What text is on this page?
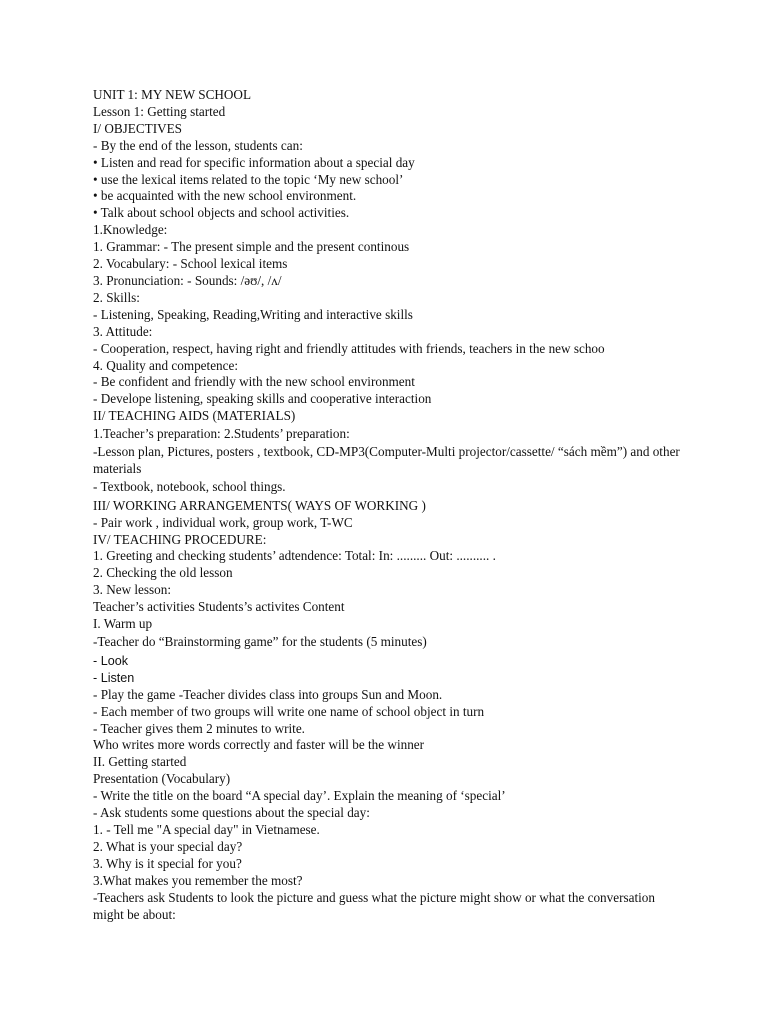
UNIT 1: MY NEW SCHOOL
Lesson 1: Getting started
I/ OBJECTIVES
- By the end of the lesson, students can:
• Listen and read for specific information about a special day
• use the lexical items related to the topic ‘My new school’
• be acquainted with the new school environment.
• Talk about school objects and school activities.
1.Knowledge:
1. Grammar: - The present simple and the present continous
2. Vocabulary: - School lexical items
3. Pronunciation: - Sounds: /əʊ/, /ʌ/
2. Skills:
- Listening, Speaking, Reading,Writing and interactive skills
3. Attitude:
- Cooperation, respect, having right and friendly attitudes with friends, teachers in the new schoo
4. Quality and competence:
- Be confident and friendly with the new school environment
- Develope listening, speaking skills and cooperative interaction
II/ TEACHING AIDS (MATERIALS)
1.Teacher’s preparation: 2.Students’ preparation:
-Lesson plan, Pictures, posters , textbook, CD-MP3(Computer-Multi projector/cassette/ “sách mềm”) and other materials
- Textbook, notebook, school things.
III/ WORKING ARRANGEMENTS( WAYS OF WORKING )
- Pair work , individual work, group work, T-WC
IV/ TEACHING PROCEDURE:
1. Greeting and checking students’ adtendence: Total: In: ......... Out: .......... .
2. Checking the old lesson
3. New lesson:
Teacher’s activities Students’s activites Content
I. Warm up
-Teacher do “Brainstorming game” for the students (5 minutes)
- Look
- Listen
- Play the game -Teacher divides class into groups Sun and Moon.
- Each member of two groups will write one name of school object in turn
- Teacher gives them 2 minutes to write.
Who writes more words correctly and faster will be the winner
II. Getting started
Presentation (Vocabulary)
- Write the title on the board “A special day’. Explain the meaning of ‘special’
- Ask students some questions about the special day:
1. - Tell me "A special day" in Vietnamese.
2. What is your special day?
3. Why is it special for you?
3.What makes you remember the most?
-Teachers ask Students to look the picture and guess what the picture might show or what the conversation might be about:
